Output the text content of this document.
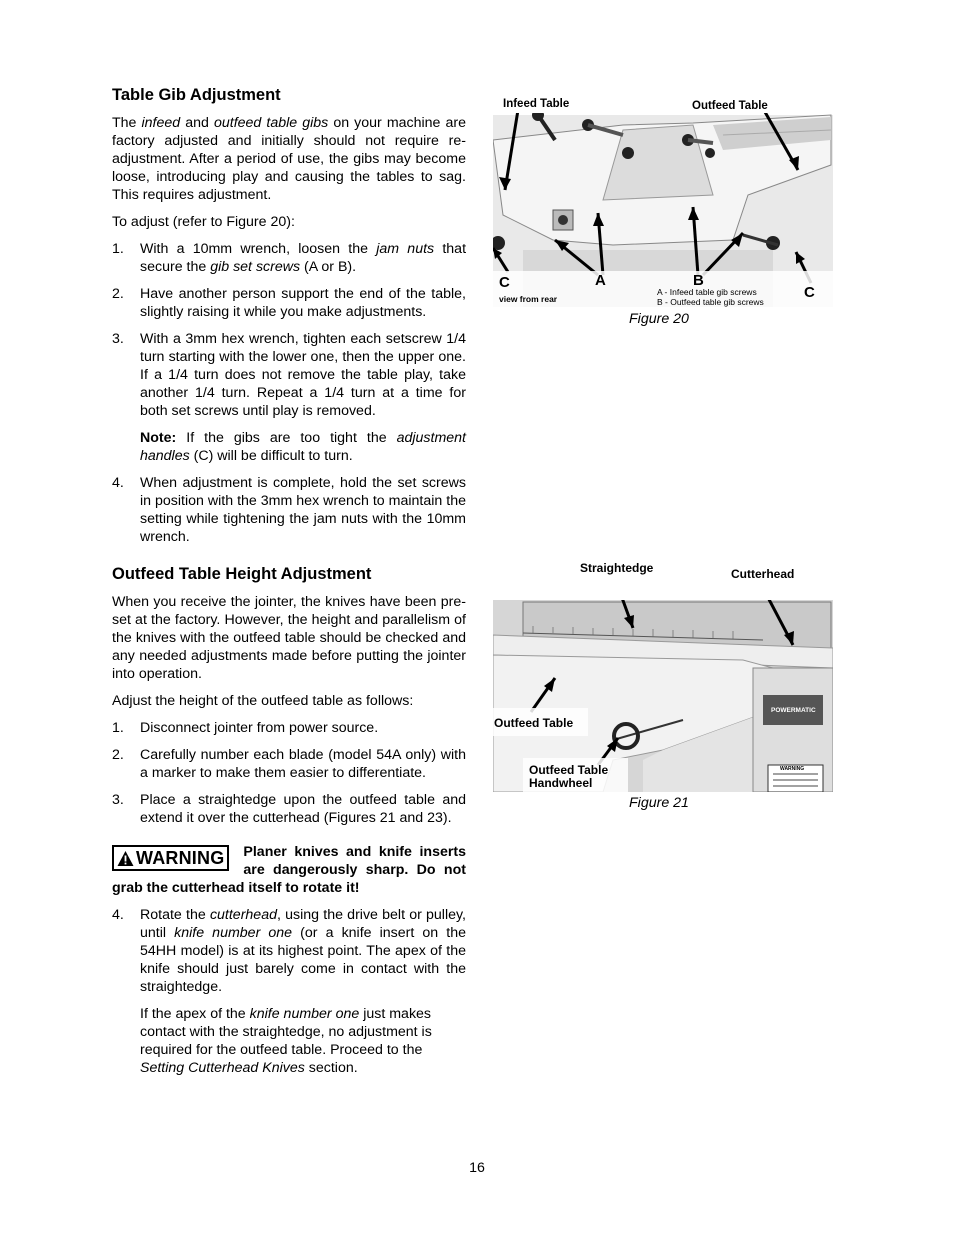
Table Gib Adjustment

The infeed and outfeed table gibs on your machine are factory adjusted and initially should not require re-adjustment. After a period of use, the gibs may become loose, introducing play and causing the tables to sag. This requires adjustment.

To adjust (refer to Figure 20):

1.	With a 10mm wrench, loosen the jam nuts that secure the gib set screws (A or B).
2.	Have another person support the end of the table, slightly raising it while you make adjustments.
3.	With a 3mm hex wrench, tighten each setscrew 1/4 turn starting with the lower one, then the upper one. If a 1/4 turn does not remove the table play, take another 1/4 turn. Repeat a 1/4 turn at a time for both set screws until play is removed.

Note: If the gibs are too tight the adjustment handles (C) will be difficult to turn.

4.	When adjustment is complete, hold the set screws in position with the 3mm hex wrench to maintain the setting while tightening the jam nuts with the 10mm wrench.
Outfeed Table Height Adjustment

When you receive the jointer, the knives have been pre-set at the factory. However, the height and parallelism of the knives with the outfeed table should be checked and any needed adjustments made before putting the jointer into operation.

Adjust the height of the outfeed table as follows:

1.	Disconnect jointer from power source.
2.	Carefully number each blade (model 54A only) with a marker to make them easier to differentiate.
3.	Place a straightedge upon the outfeed table and extend it over the cutterhead (Figures 21 and 23).
WARNING Planer knives and knife inserts are dangerously sharp. Do not grab the cutterhead itself to rotate it!
4.	Rotate the cutterhead, using the drive belt or pulley, until knife number one (or a knife insert on the 54HH model) is at its highest point. The apex of the knife should just barely come in contact with the straightedge.

If the apex of the knife number one just makes contact with the straightedge, no adjustment is required for the outfeed table. Proceed to the Setting Cutterhead Knives section.

Infeed Table	Outfeed Table
C	A	B
C
view from rear
A - Infeed table gib screws
B - Outfeed table gib screws
Figure 20
Straightedge	Cutterhead
Outfeed Table
Outfeed Table
Handwheel
POWERMATIC
WARNING
Figure 21
16
